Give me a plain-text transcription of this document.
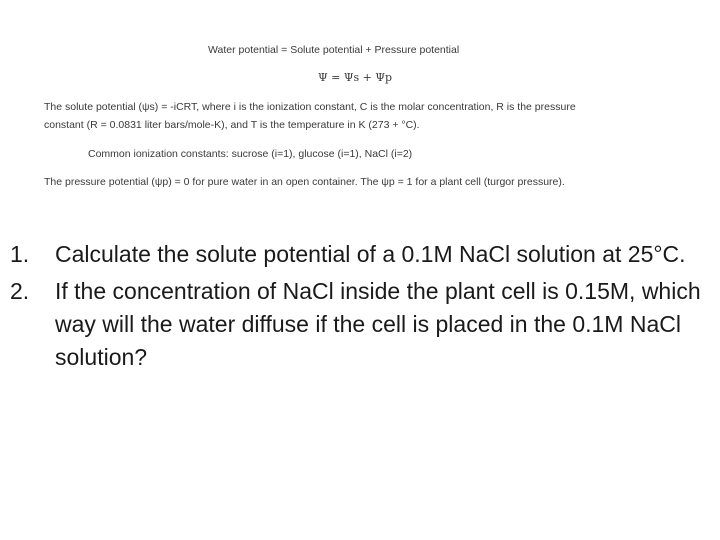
Water potential = Solute potential + Pressure potential
Ψ = Ψs + Ψp
The solute potential (ψs) = -iCRT, where i is the ionization constant, C is the molar concentration, R is the pressure
constant (R = 0.0831 liter bars/mole-K), and T is the temperature in K (273 + °C).
Common ionization constants: sucrose (i=1), glucose (i=1), NaCl (i=2)
The pressure potential (ψp) = 0 for pure water in an open container. The ψp = 1 for a plant cell (turgor pressure).
1.	Calculate the solute potential of a 0.1M NaCl solution at 25°C.
2.	If the concentration of NaCl inside the plant cell is 0.15M, which way will the water diffuse if the cell is placed in the 0.1M NaCl solution?
